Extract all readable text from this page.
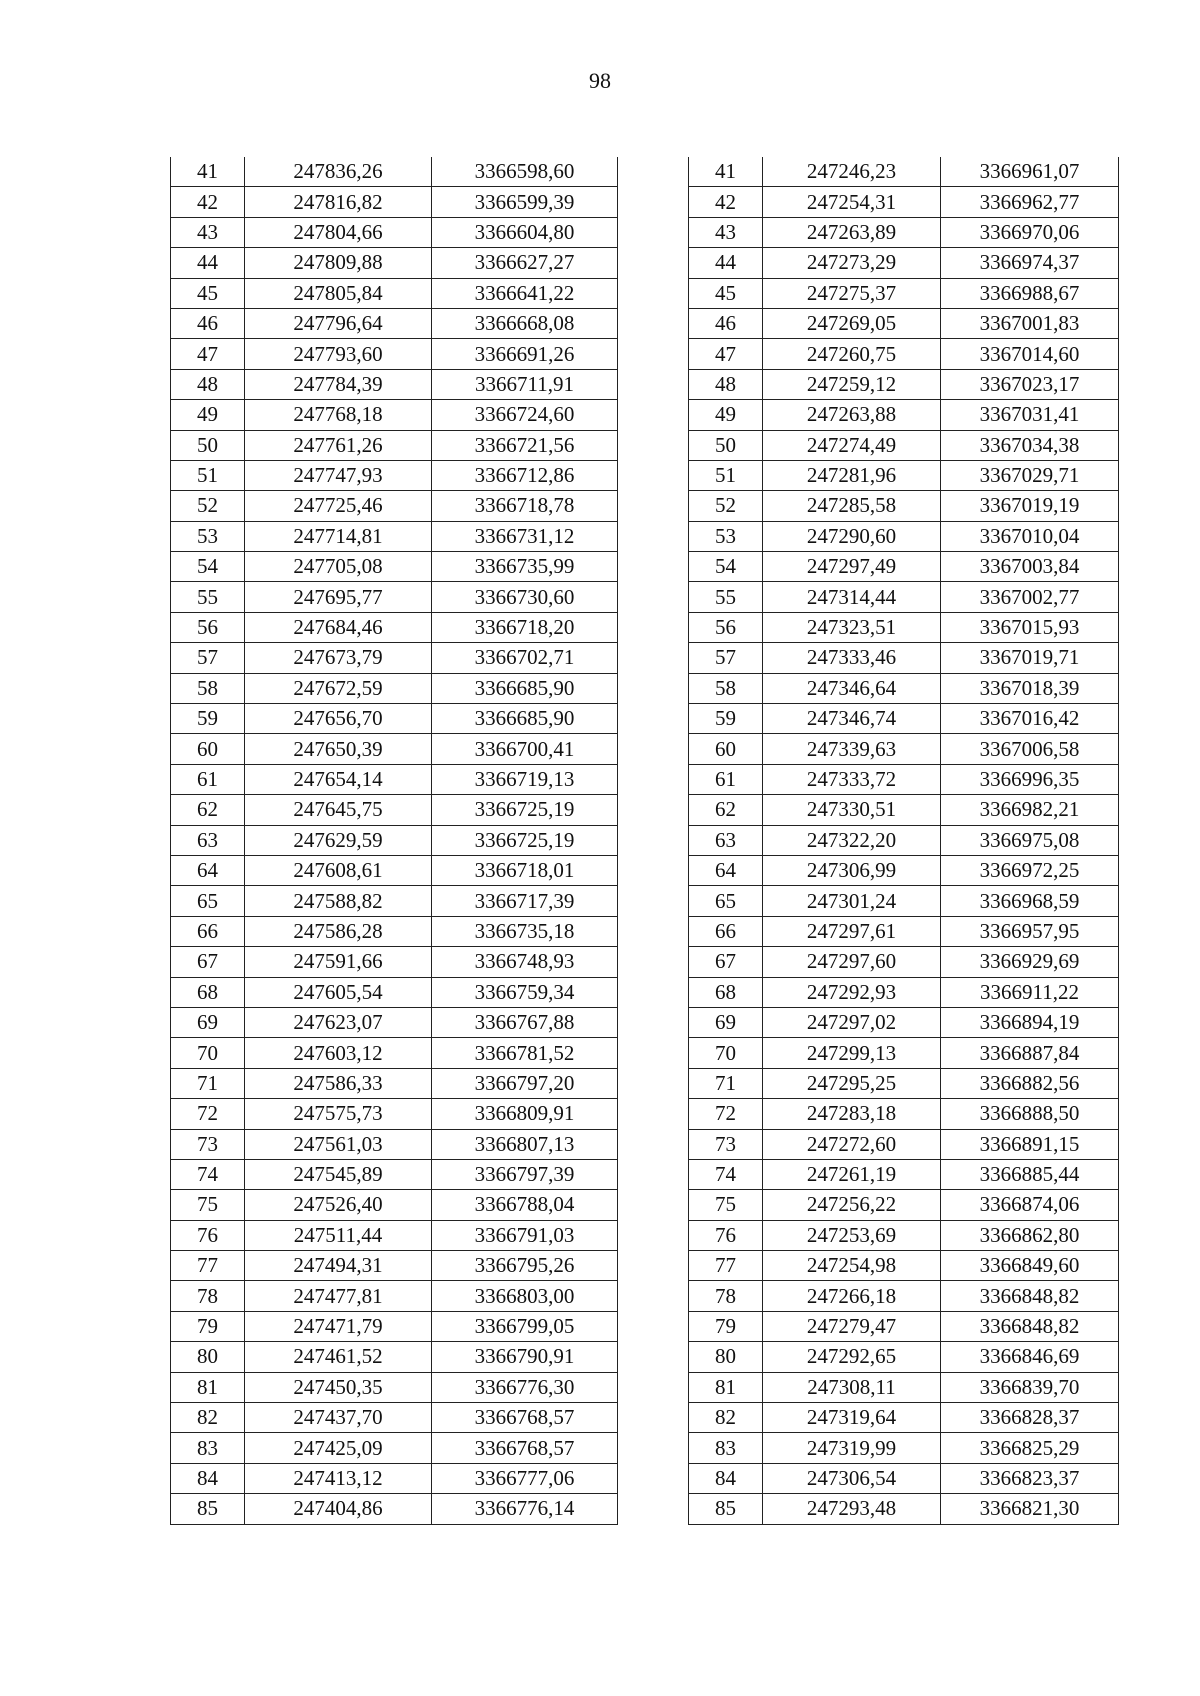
98
41	247836,26	3366598,60
42	247816,82	3366599,39
43	247804,66	3366604,80
44	247809,88	3366627,27
45	247805,84	3366641,22
46	247796,64	3366668,08
47	247793,60	3366691,26
48	247784,39	3366711,91
49	247768,18	3366724,60
50	247761,26	3366721,56
51	247747,93	3366712,86
52	247725,46	3366718,78
53	247714,81	3366731,12
54	247705,08	3366735,99
55	247695,77	3366730,60
56	247684,46	3366718,20
57	247673,79	3366702,71
58	247672,59	3366685,90
59	247656,70	3366685,90
60	247650,39	3366700,41
61	247654,14	3366719,13
62	247645,75	3366725,19
63	247629,59	3366725,19
64	247608,61	3366718,01
65	247588,82	3366717,39
66	247586,28	3366735,18
67	247591,66	3366748,93
68	247605,54	3366759,34
69	247623,07	3366767,88
70	247603,12	3366781,52
71	247586,33	3366797,20
72	247575,73	3366809,91
73	247561,03	3366807,13
74	247545,89	3366797,39
75	247526,40	3366788,04
76	247511,44	3366791,03
77	247494,31	3366795,26
78	247477,81	3366803,00
79	247471,79	3366799,05
80	247461,52	3366790,91
81	247450,35	3366776,30
82	247437,70	3366768,57
83	247425,09	3366768,57
84	247413,12	3366777,06
85	247404,86	3366776,14
41	247246,23	3366961,07
42	247254,31	3366962,77
43	247263,89	3366970,06
44	247273,29	3366974,37
45	247275,37	3366988,67
46	247269,05	3367001,83
47	247260,75	3367014,60
48	247259,12	3367023,17
49	247263,88	3367031,41
50	247274,49	3367034,38
51	247281,96	3367029,71
52	247285,58	3367019,19
53	247290,60	3367010,04
54	247297,49	3367003,84
55	247314,44	3367002,77
56	247323,51	3367015,93
57	247333,46	3367019,71
58	247346,64	3367018,39
59	247346,74	3367016,42
60	247339,63	3367006,58
61	247333,72	3366996,35
62	247330,51	3366982,21
63	247322,20	3366975,08
64	247306,99	3366972,25
65	247301,24	3366968,59
66	247297,61	3366957,95
67	247297,60	3366929,69
68	247292,93	3366911,22
69	247297,02	3366894,19
70	247299,13	3366887,84
71	247295,25	3366882,56
72	247283,18	3366888,50
73	247272,60	3366891,15
74	247261,19	3366885,44
75	247256,22	3366874,06
76	247253,69	3366862,80
77	247254,98	3366849,60
78	247266,18	3366848,82
79	247279,47	3366848,82
80	247292,65	3366846,69
81	247308,11	3366839,70
82	247319,64	3366828,37
83	247319,99	3366825,29
84	247306,54	3366823,37
85	247293,48	3366821,30
